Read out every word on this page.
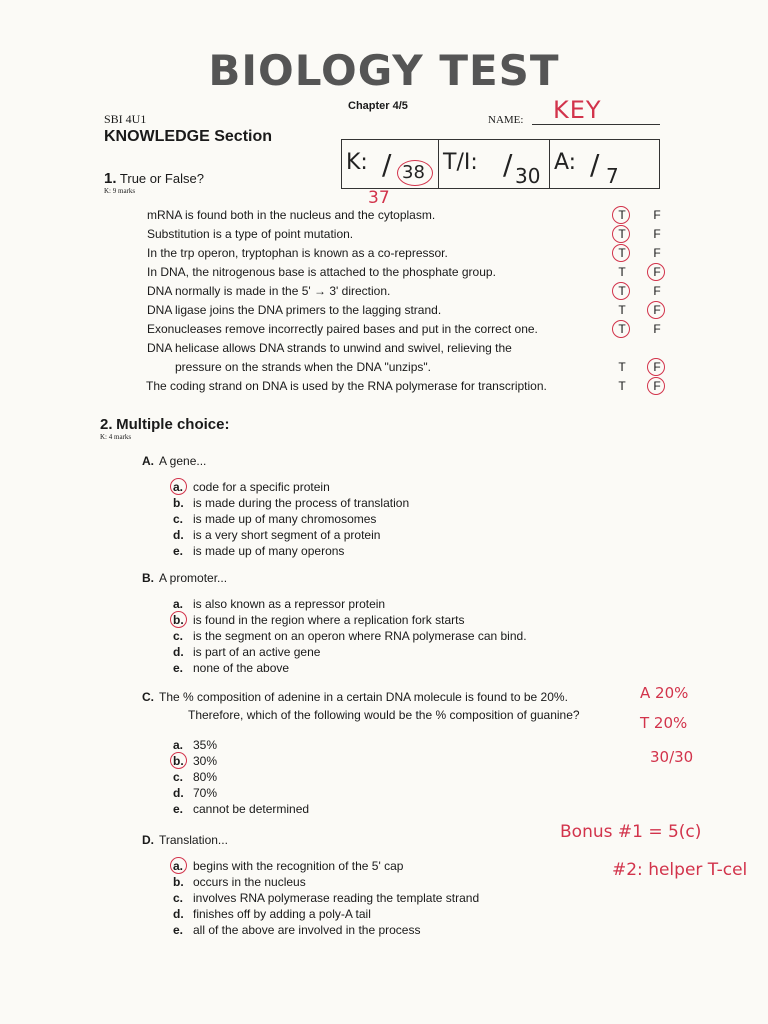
BIOLOGY TEST
Chapter 4/5
SBI 4U1	NAME: KEY
KNOWLEDGE Section
K: / 38 T/I: / 30
A: / 7
37
1. True or False?
K: 9 marks
mRNA is found both in the nucleus and the cytoplasm.	T F
Substitution is a type of point mutation.	T F
In the trp operon, tryptophan is known as a co-repressor.	T F
In DNA, the nitrogenous base is attached to the phosphate group.	T F
DNA normally is made in the 5' → 3' direction.	T F
DNA ligase joins the DNA primers to the lagging strand.	T F
Exonucleases remove incorrectly paired bases and put in the correct one.	T F
DNA helicase allows DNA strands to unwind and swivel, relieving the
pressure on the strands when the DNA "unzips".	T F
The coding strand on DNA is used by the RNA polymerase for transcription.	T F
2. Multiple choice:
K: 4 marks
A. A gene...
a. code for a specific protein
b. is made during the process of translation
c. is made up of many chromosomes
d. is a very short segment of a protein
e. is made up of many operons
B. A promoter...
a. is also known as a repressor protein
b. is found in the region where a replication fork starts
c. is the segment on an operon where RNA polymerase can bind.
d. is part of an active gene
e. none of the above
C. The % composition of adenine in a certain DNA molecule is found to be 20%.
Therefore, which of the following would be the % composition of guanine?
a. 35%
b. 30%
c. 80%
d. 70%
e. cannot be determined
D. Translation...
a. begins with the recognition of the 5' cap
b. occurs in the nucleus
c. involves RNA polymerase reading the template strand
d. finishes off by adding a poly-A tail
e. all of the above are involved in the process
A 20%
T 20%
30/30
Bonus #1 = 5(c)
#2: helper T-cel
